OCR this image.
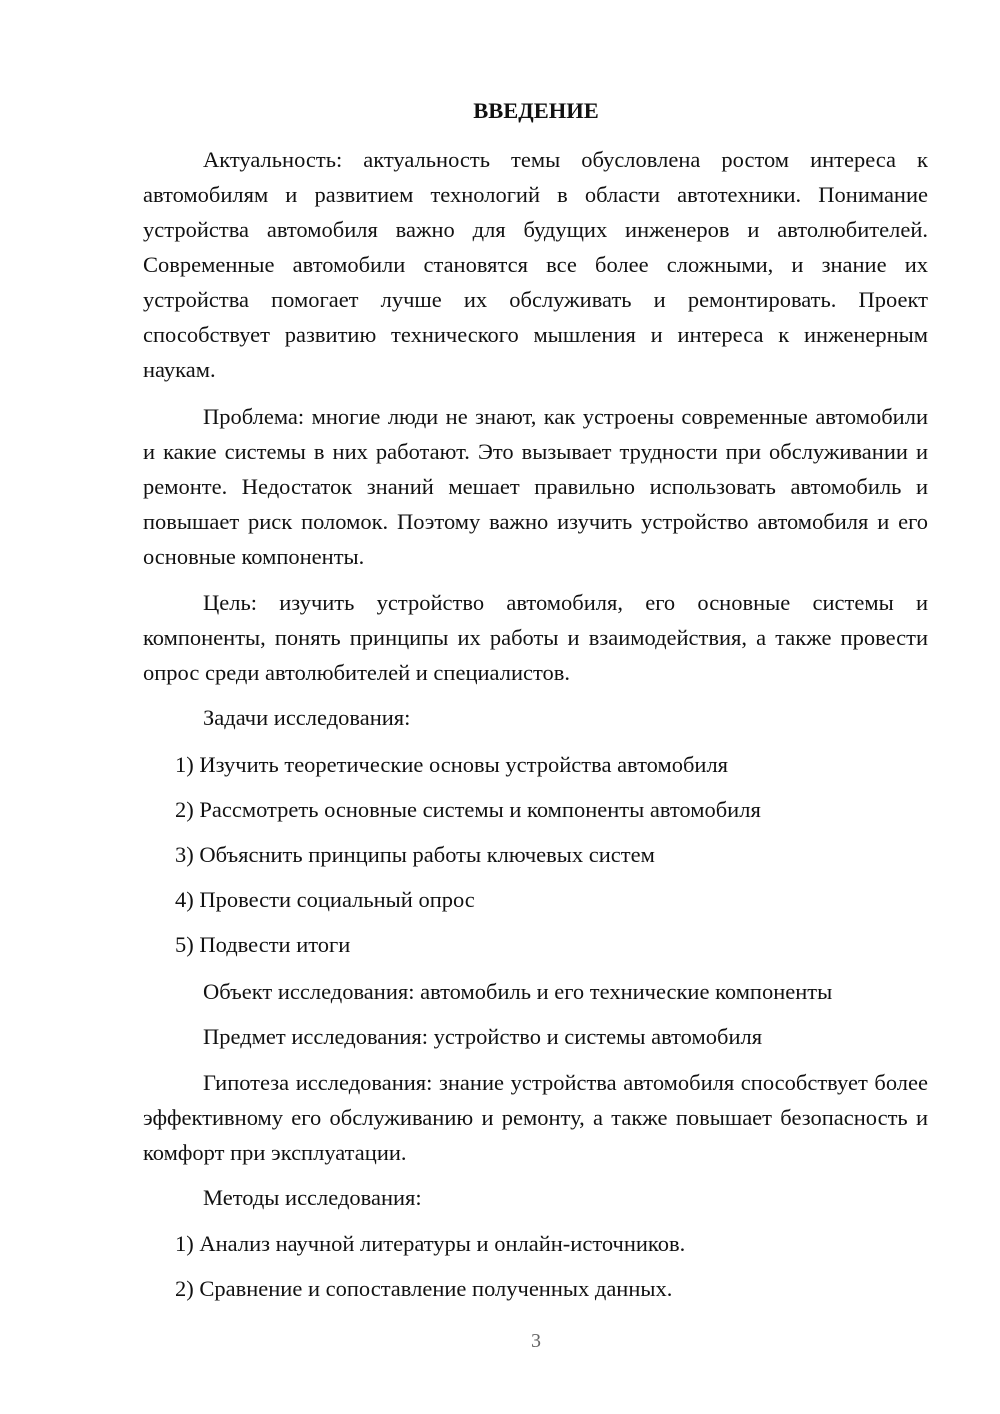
ВВЕДЕНИЕ

Актуальность: актуальность темы обусловлена ростом интереса к автомобилям и развитием технологий в области автотехники. Понимание устройства автомобиля важно для будущих инженеров и автолюбителей. Современные автомобили становятся все более сложными, и знание их устройства помогает лучше их обслуживать и ремонтировать. Проект способствует развитию технического мышления и интереса к инженерным наукам.

Проблема: многие люди не знают, как устроены современные автомобили и какие системы в них работают. Это вызывает трудности при обслуживании и ремонте. Недостаток знаний мешает правильно использовать автомобиль и повышает риск поломок. Поэтому важно изучить устройство автомобиля и его основные компоненты.

Цель: изучить устройство автомобиля, его основные системы и компоненты, понять принципы их работы и взаимодействия, а также провести опрос среди автолюбителей и специалистов.

Задачи исследования:

1) Изучить теоретические основы устройства автомобиля

2) Рассмотреть основные системы и компоненты автомобиля

3) Объяснить принципы работы ключевых систем

4) Провести социальный опрос

5) Подвести итоги

Объект исследования: автомобиль и его технические компоненты

Предмет исследования: устройство и системы автомобиля

Гипотеза исследования: знание устройства автомобиля способствует более эффективному его обслуживанию и ремонту, а также повышает безопасность и комфорт при эксплуатации.

Методы исследования:

1) Анализ научной литературы и онлайн-источников.

2) Сравнение и сопоставление полученных данных.

3
